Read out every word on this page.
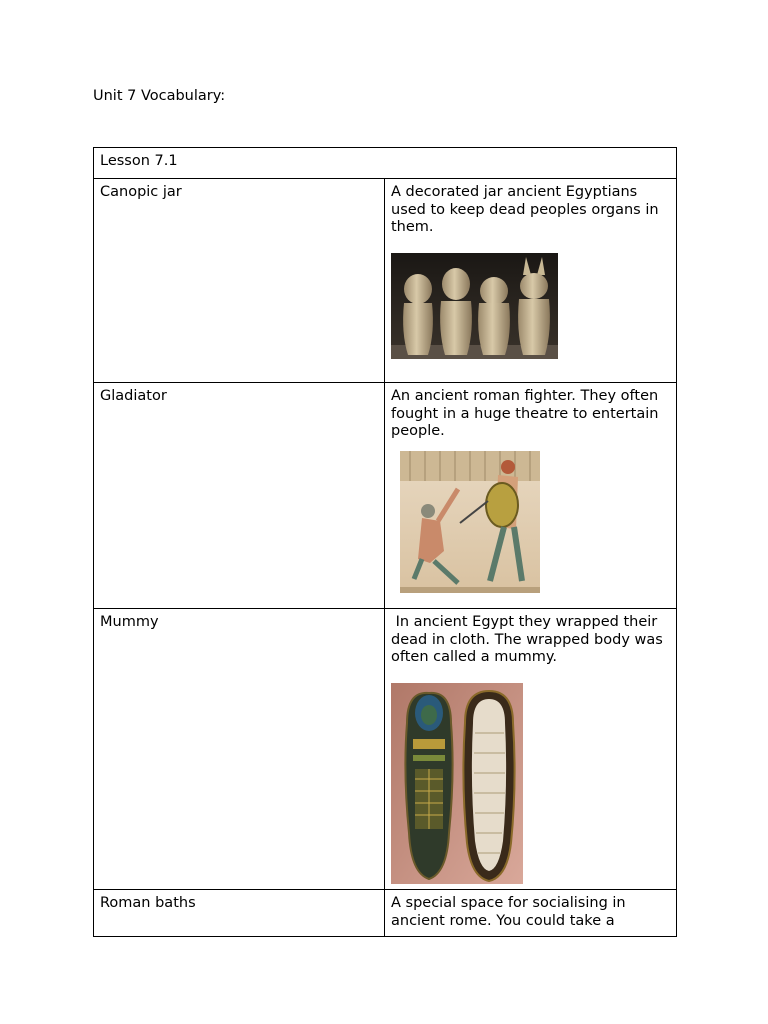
Unit 7 Vocabulary:
Lesson 7.1	
Canopic jar	A decorated jar ancient Egyptians used to keep dead peoples organs in them.

Gladiator	An ancient roman fighter. They often fought in a huge theatre to entertain people.

Mummy	In ancient Egypt they wrapped their dead in cloth. The wrapped body was often called a mummy.

Roman baths	A special space for socialising in ancient rome. You could take a
